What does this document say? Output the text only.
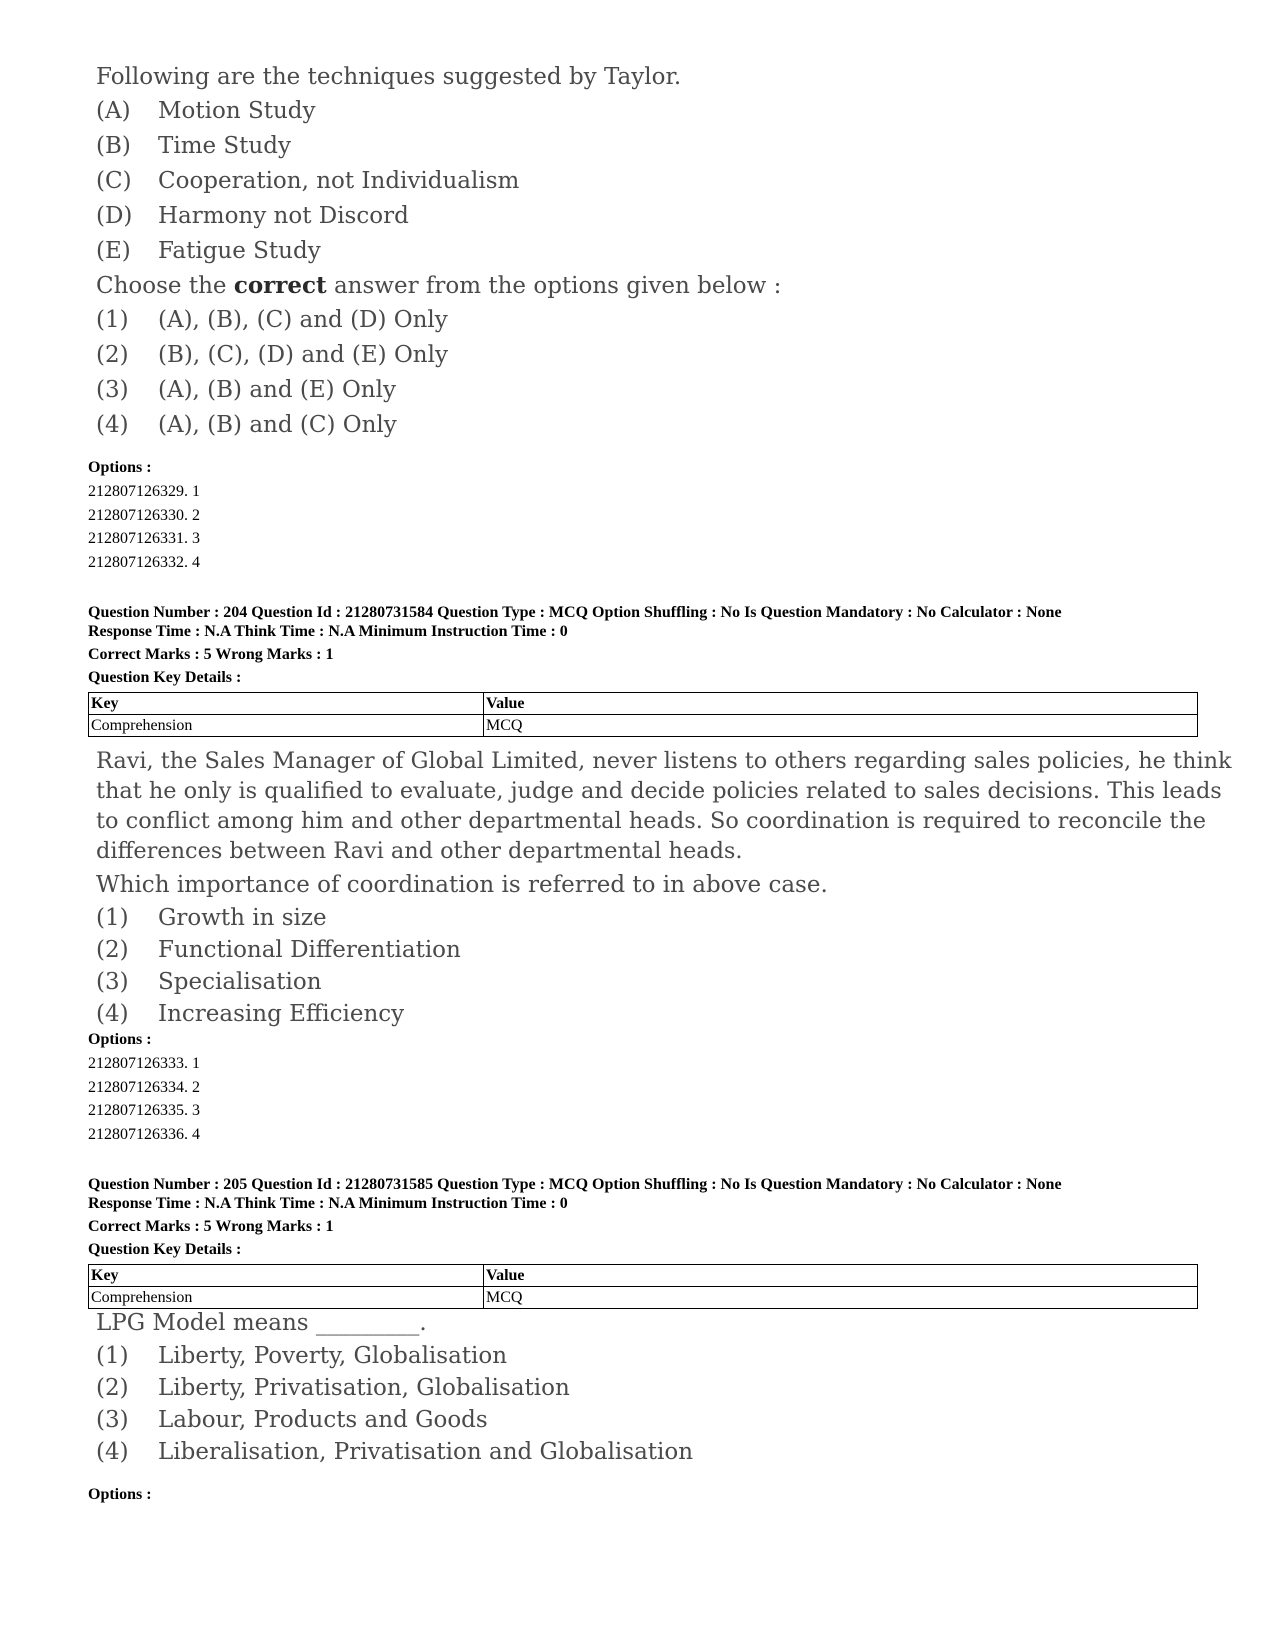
Following are the techniques suggested by Taylor.
(A)	Motion Study
(B)	Time Study
(C)	Cooperation, not Individualism
(D)	Harmony not Discord
(E)	Fatigue Study
Choose the correct answer from the options given below :
(1)	(A), (B), (C) and (D) Only
(2)	(B), (C), (D) and (E) Only
(3)	(A), (B) and (E) Only
(4)	(A), (B) and (C) Only
Options :
212807126329. 1
212807126330. 2
212807126331. 3
212807126332. 4
Question Number : 204 Question Id : 21280731584 Question Type : MCQ Option Shuffling : No Is Question Mandatory : No Calculator : None
Response Time : N.A Think Time : N.A Minimum Instruction Time : 0
Correct Marks : 5 Wrong Marks : 1
Question Key Details :
Key	Value
Comprehension	MCQ
Ravi, the Sales Manager of Global Limited, never listens to others regarding sales policies, he think
that he only is qualified to evaluate, judge and decide policies related to sales decisions. This leads
to conflict among him and other departmental heads. So coordination is required to reconcile the
differences between Ravi and other departmental heads.
Which importance of coordination is referred to in above case.
(1)	Growth in size
(2)	Functional Differentiation
(3)	Specialisation
(4)	Increasing Efficiency
Options :
212807126333. 1
212807126334. 2
212807126335. 3
212807126336. 4
Question Number : 205 Question Id : 21280731585 Question Type : MCQ Option Shuffling : No Is Question Mandatory : No Calculator : None
Response Time : N.A Think Time : N.A Minimum Instruction Time : 0
Correct Marks : 5 Wrong Marks : 1
Question Key Details :
Key	Value
Comprehension	MCQ
LPG Model means _________.
(1)	Liberty, Poverty, Globalisation
(2)	Liberty, Privatisation, Globalisation
(3)	Labour, Products and Goods
(4)	Liberalisation, Privatisation and Globalisation
Options :
